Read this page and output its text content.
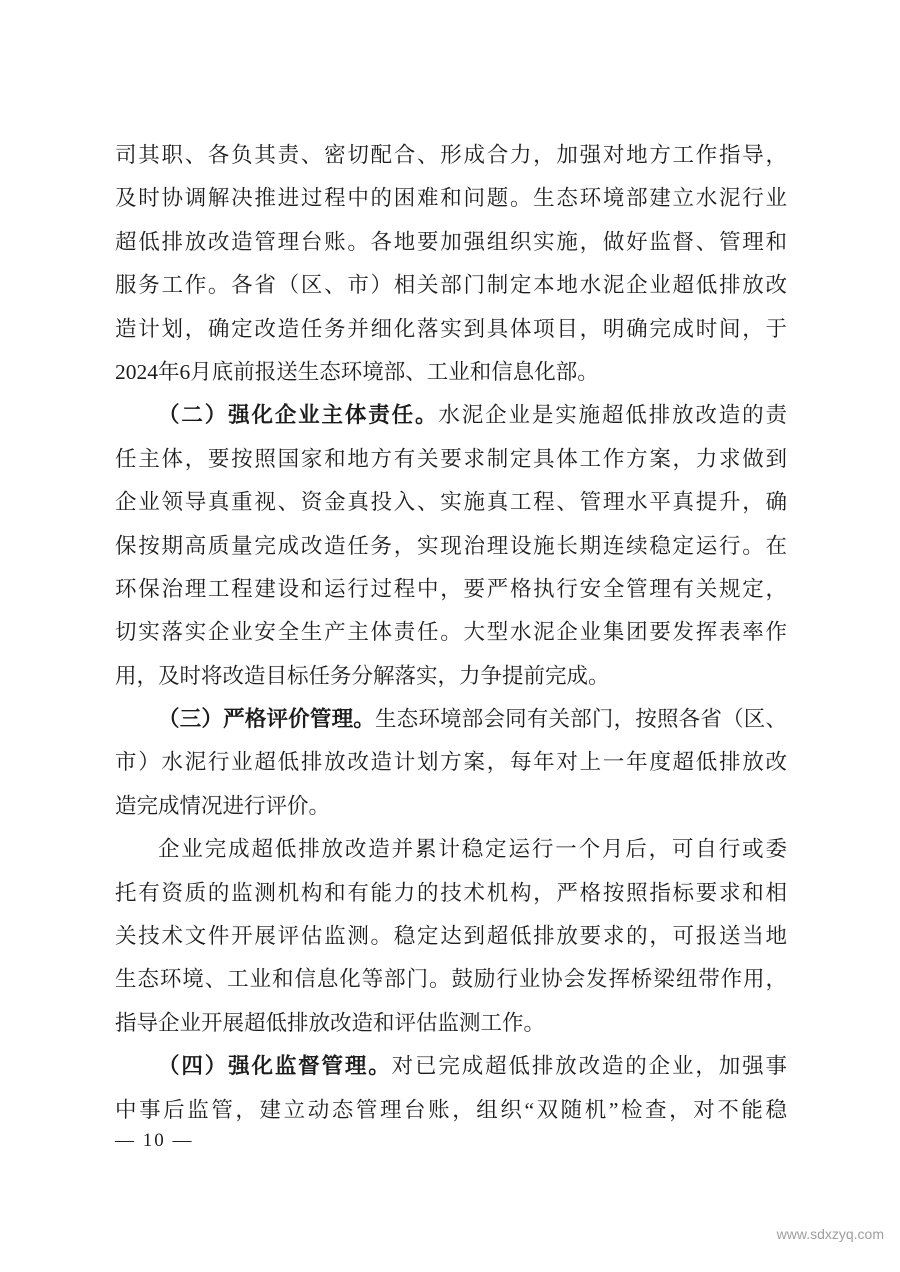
司其职、各负其责、密切配合、形成合力，加强对地方工作指导，
及时协调解决推进过程中的困难和问题。生态环境部建立水泥行业
超低排放改造管理台账。各地要加强组织实施，做好监督、管理和
服务工作。各省（区、市）相关部门制定本地水泥企业超低排放改
造计划，确定改造任务并细化落实到具体项目，明确完成时间，于
2024年6月底前报送生态环境部、工业和信息化部。
（二）强化企业主体责任。水泥企业是实施超低排放改造的责
任主体，要按照国家和地方有关要求制定具体工作方案，力求做到
企业领导真重视、资金真投入、实施真工程、管理水平真提升，确
保按期高质量完成改造任务，实现治理设施长期连续稳定运行。在
环保治理工程建设和运行过程中，要严格执行安全管理有关规定，
切实落实企业安全生产主体责任。大型水泥企业集团要发挥表率作
用，及时将改造目标任务分解落实，力争提前完成。
（三）严格评价管理。生态环境部会同有关部门，按照各省（区、
市）水泥行业超低排放改造计划方案，每年对上一年度超低排放改
造完成情况进行评价。
企业完成超低排放改造并累计稳定运行一个月后，可自行或委
托有资质的监测机构和有能力的技术机构，严格按照指标要求和相
关技术文件开展评估监测。稳定达到超低排放要求的，可报送当地
生态环境、工业和信息化等部门。鼓励行业协会发挥桥梁纽带作用，
指导企业开展超低排放改造和评估监测工作。
（四）强化监督管理。对已完成超低排放改造的企业，加强事
中事后监管，建立动态管理台账，组织“双随机”检查，对不能稳
— 10 —
www.sdxzyq.com
